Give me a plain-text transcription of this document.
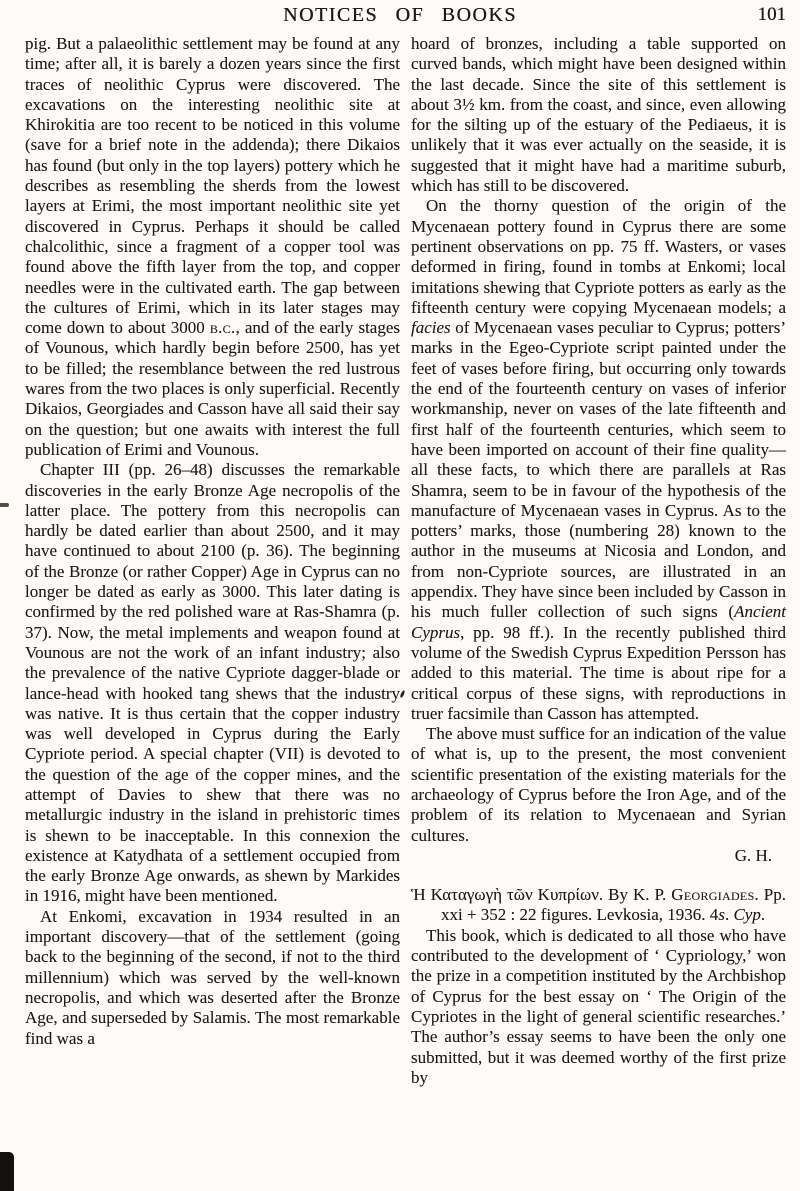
NOTICES OF BOOKS	101

pig. But a palaeolithic settlement may be found at any time; after all, it is barely a dozen years since the first traces of neolithic Cyprus were discovered. The excavations on the interesting neolithic site at Khirokitia are too recent to be noticed in this volume (save for a brief note in the addenda); there Dikaios has found (but only in the top layers) pottery which he describes as resembling the sherds from the lowest layers at Erimi, the most important neolithic site yet discovered in Cyprus. Perhaps it should be called chalcolithic, since a fragment of a copper tool was found above the fifth layer from the top, and copper needles were in the cultivated earth. The gap between the cultures of Erimi, which in its later stages may come down to about 3000 b.c., and of the early stages of Vounous, which hardly begin before 2500, has yet to be filled; the resemblance between the red lustrous wares from the two places is only superficial. Recently Dikaios, Georgiades and Casson have all said their say on the question; but one awaits with interest the full publication of Erimi and Vounous.

Chapter III (pp. 26–48) discusses the remarkable discoveries in the early Bronze Age necropolis of the latter place. The pottery from this necropolis can hardly be dated earlier than about 2500, and it may have continued to about 2100 (p. 36). The beginning of the Bronze (or rather Copper) Age in Cyprus can no longer be dated as early as 3000. This later dating is confirmed by the red polished ware at Ras-Shamra (p. 37). Now, the metal implements and weapon found at Vounous are not the work of an infant industry; also the prevalence of the native Cypriote dagger-blade or lance-head with hooked tang shews that the industry was native. It is thus certain that the copper industry was well developed in Cyprus during the Early Cypriote period. A special chapter (VII) is devoted to the question of the age of the copper mines, and the attempt of Davies to shew that there was no metallurgic industry in the island in prehistoric times is shewn to be inacceptable. In this connexion the existence at Katydhata of a settlement occupied from the early Bronze Age onwards, as shewn by Markides in 1916, might have been mentioned.

At Enkomi, excavation in 1934 resulted in an important discovery—that of the settlement (going back to the beginning of the second, if not to the third millennium) which was served by the well-known necropolis, and which was deserted after the Bronze Age, and superseded by Salamis. The most remarkable find was a

hoard of bronzes, including a table supported on curved bands, which might have been designed within the last decade. Since the site of this settlement is about 3½ km. from the coast, and since, even allowing for the silting up of the estuary of the Pediaeus, it is unlikely that it was ever actually on the seaside, it is suggested that it might have had a maritime suburb, which has still to be discovered.

On the thorny question of the origin of the Mycenaean pottery found in Cyprus there are some pertinent observations on pp. 75 ff. Wasters, or vases deformed in firing, found in tombs at Enkomi; local imitations shewing that Cypriote potters as early as the fifteenth century were copying Mycenaean models; a facies of Mycenaean vases peculiar to Cyprus; potters’ marks in the Egeo-Cypriote script painted under the feet of vases before firing, but occurring only towards the end of the fourteenth century on vases of inferior workmanship, never on vases of the late fifteenth and first half of the fourteenth centuries, which seem to have been imported on account of their fine quality—all these facts, to which there are parallels at Ras Shamra, seem to be in favour of the hypothesis of the manufacture of Mycenaean vases in Cyprus. As to the potters’ marks, those (numbering 28) known to the author in the museums at Nicosia and London, and from non-Cypriote sources, are illustrated in an appendix. They have since been included by Casson in his much fuller collection of such signs (Ancient Cyprus, pp. 98 ff.). In the recently published third volume of the Swedish Cyprus Expedition Persson has added to this material. The time is about ripe for a critical corpus of these signs, with reproductions in truer facsimile than Casson has attempted.

The above must suffice for an indication of the value of what is, up to the present, the most convenient scientific presentation of the existing materials for the archaeology of Cyprus before the Iron Age, and of the problem of its relation to Mycenaean and Syrian cultures.

G. H.

Ἡ Καταγωγὴ τῶν Κυπρίων. By K. P. Georgiades. Pp. xxi + 352 : 22 figures. Levkosia, 1936. 4s. Cyp.

This book, which is dedicated to all those who have contributed to the development of ‘ Cypriology,’ won the prize in a competition instituted by the Archbishop of Cyprus for the best essay on ‘ The Origin of the Cypriotes in the light of general scientific researches.’ The author’s essay seems to have been the only one submitted, but it was deemed worthy of the first prize by
